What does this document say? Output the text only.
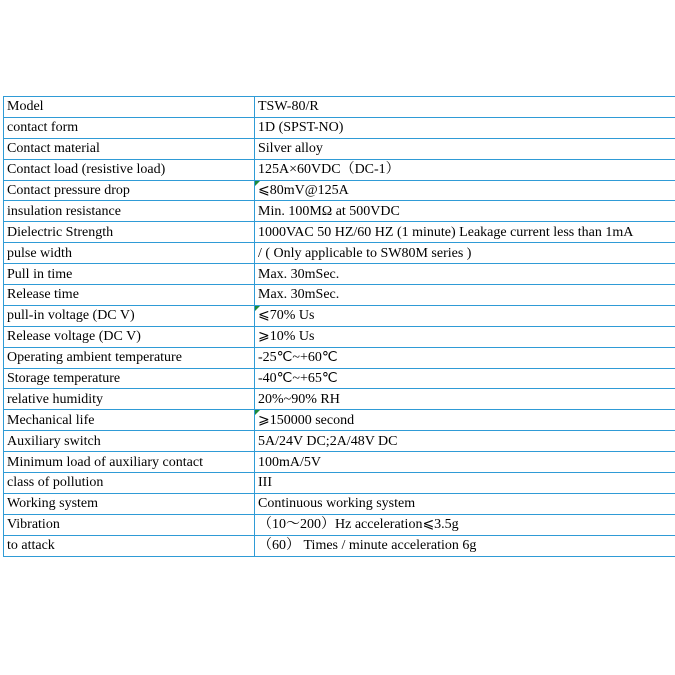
Model	TSW-80/R
contact form	1D (SPST-NO)
Contact material	Silver alloy
Contact load (resistive load)	125A×60VDC（DC-1）
Contact pressure drop	⩽80mV@125A
insulation resistance	Min. 100MΩ at 500VDC
Dielectric Strength	1000VAC 50 HZ/60 HZ (1 minute) Leakage current less than 1mA
pulse width	/ ( Only applicable to SW80M series )
Pull in time	Max. 30mSec.
Release time	Max. 30mSec.
pull-in voltage (DC V)	⩽70% Us
Release voltage (DC V)	⩾10% Us
Operating ambient temperature	-25℃~+60℃
Storage temperature	-40℃~+65℃
relative humidity	20%~90% RH
Mechanical life	⩾150000 second
Auxiliary switch	5A/24V DC;2A/48V DC
Minimum load of auxiliary contact	100mA/5V
class of pollution	III
Working system	Continuous working system
Vibration	（10～200）Hz acceleration⩽3.5g
to attack	（60） Times / minute acceleration 6g
